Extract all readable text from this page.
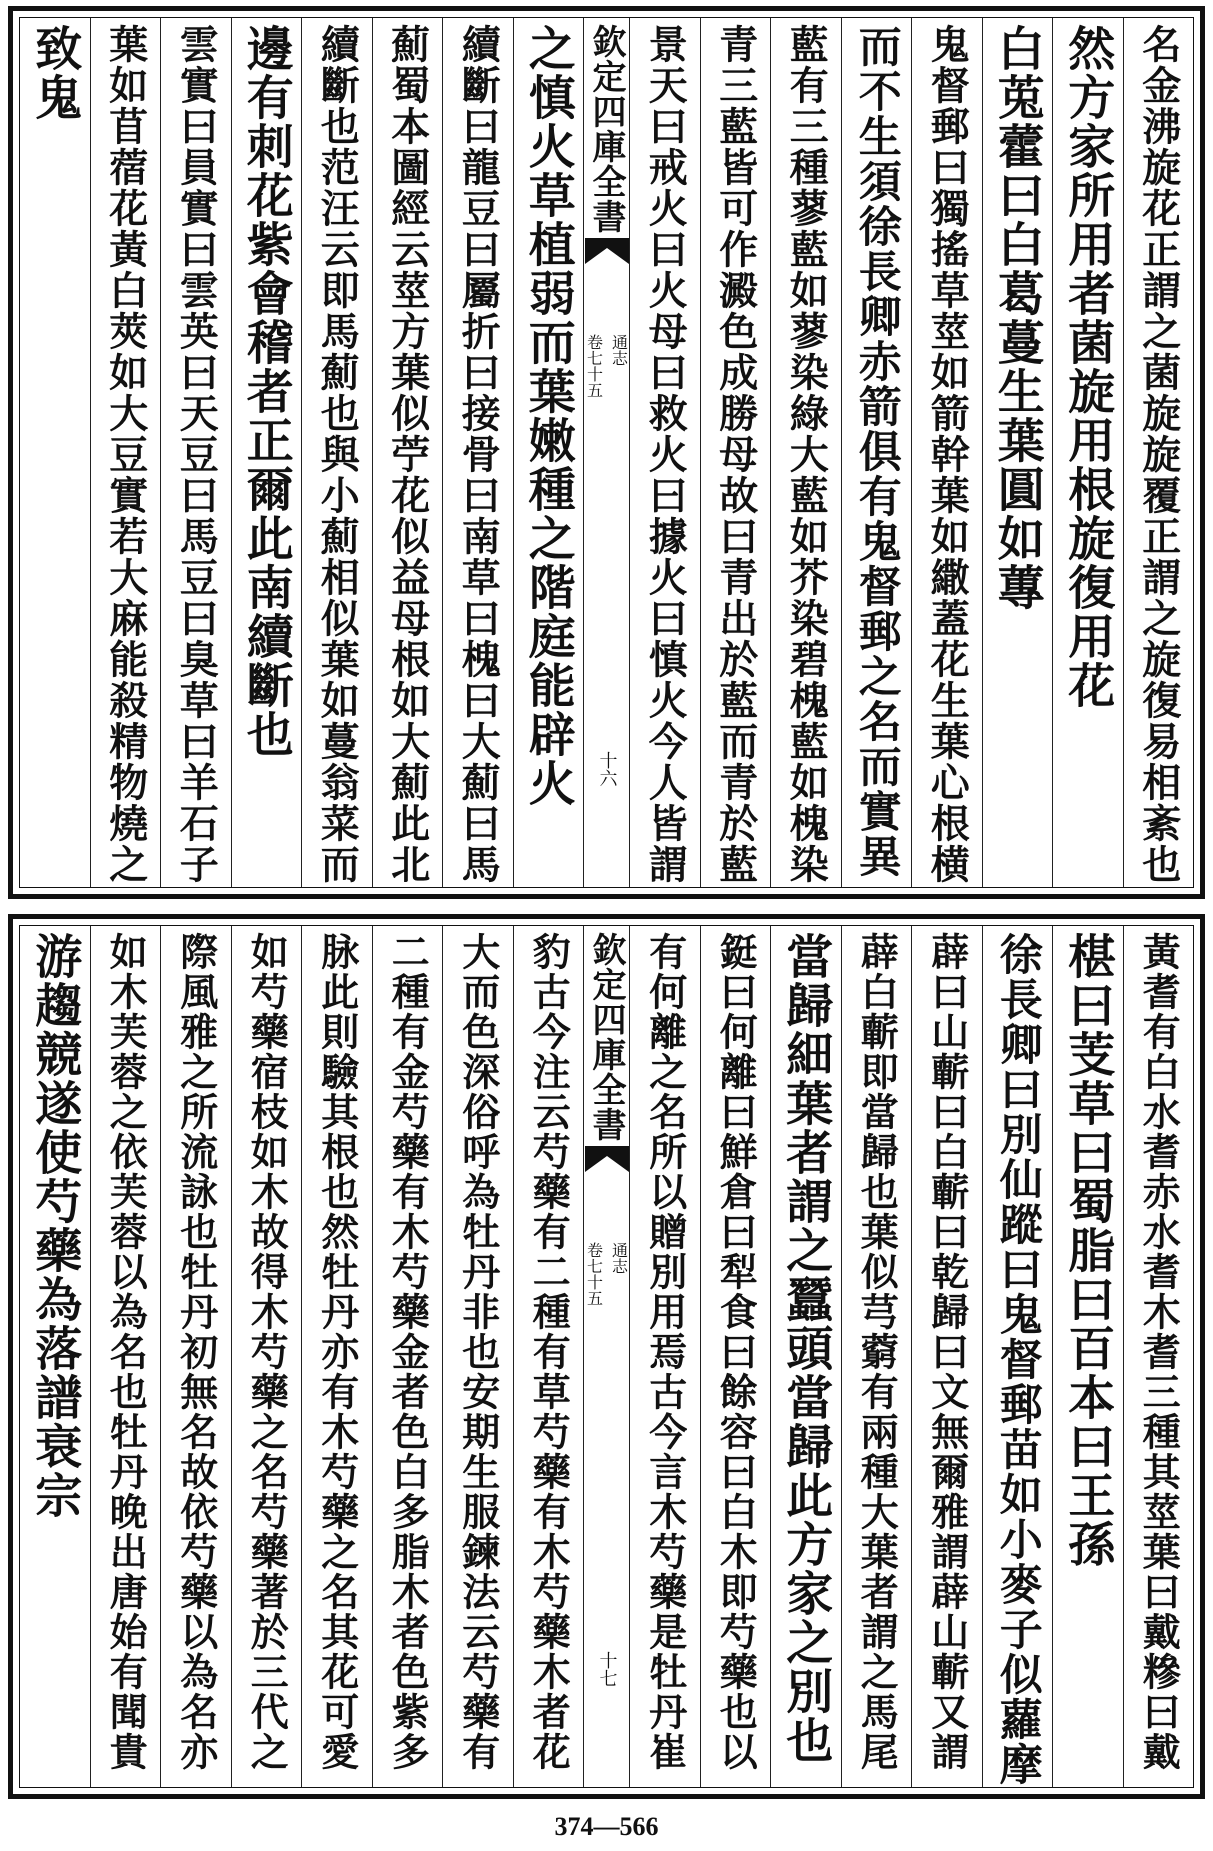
名金沸旋花正謂之菌旋旋覆正謂之旋復易相紊也
然方家所用者菌旋用根旋復用花
白莵藿曰白葛蔓生葉圓如蓴
鬼督郵曰獨搖草莖如箭幹葉如繖蓋花生葉心根横
而不生須徐長卿赤箭俱有鬼督郵之名而實異
藍有三種蓼藍如蓼染綠大藍如芥染碧槐藍如槐染
青三藍皆可作澱色成勝母故曰青出於藍而青於藍
景天曰戒火曰火母曰救火曰據火曰慎火今人皆謂
欽定四庫全書
通志
卷七十五
十六
之慎火草植弱而葉嫩種之階庭能辟火
續斷曰龍豆曰屬折曰接骨曰南草曰槐曰大薊曰馬
薊蜀本圖經云莖方葉似苧花似益母根如大薊此北
續斷也范汪云即馬薊也與小薊相似葉如蔓翁菜而
邊有刺花紫會稽者正爾此南續斷也
雲實曰員實曰雲英曰天豆曰馬豆曰臭草曰羊石子
葉如苜蓿花黃白莢如大豆實若大麻能殺精物燒之
致鬼
黃耆有白水耆赤水耆木耆三種其莖葉曰戴糝曰戴
椹曰芰草曰蜀脂曰百本曰王孫
徐長卿曰別仙蹤曰鬼督郵苗如小麥子似蘿摩
薜曰山蘄曰白蘄曰乾歸曰文無爾雅謂薜山蘄又謂
薜白蘄即當歸也葉似芎藭有兩種大葉者謂之馬尾
當歸細葉者謂之蠶頭當歸此方家之別也
鋌曰何離曰鮮倉曰犁食曰餘容曰白木即芍藥也以
有何離之名所以贈別用焉古今言木芍藥是牡丹崔
欽定四庫全書
通志
卷七十五
十七
豹古今注云芍藥有二種有草芍藥有木芍藥木者花
大而色深俗呼為牡丹非也安期生服鍊法云芍藥有
二種有金芍藥有木芍藥金者色白多脂木者色紫多
脉此則驗其根也然牡丹亦有木芍藥之名其花可愛
如芍藥宿枝如木故得木芍藥之名芍藥著於三代之
際風雅之所流詠也牡丹初無名故依芍藥以為名亦
如木芙蓉之依芙蓉以為名也牡丹晚出唐始有聞貴
游趨競遂使芍藥為落譜衰宗
374—566
